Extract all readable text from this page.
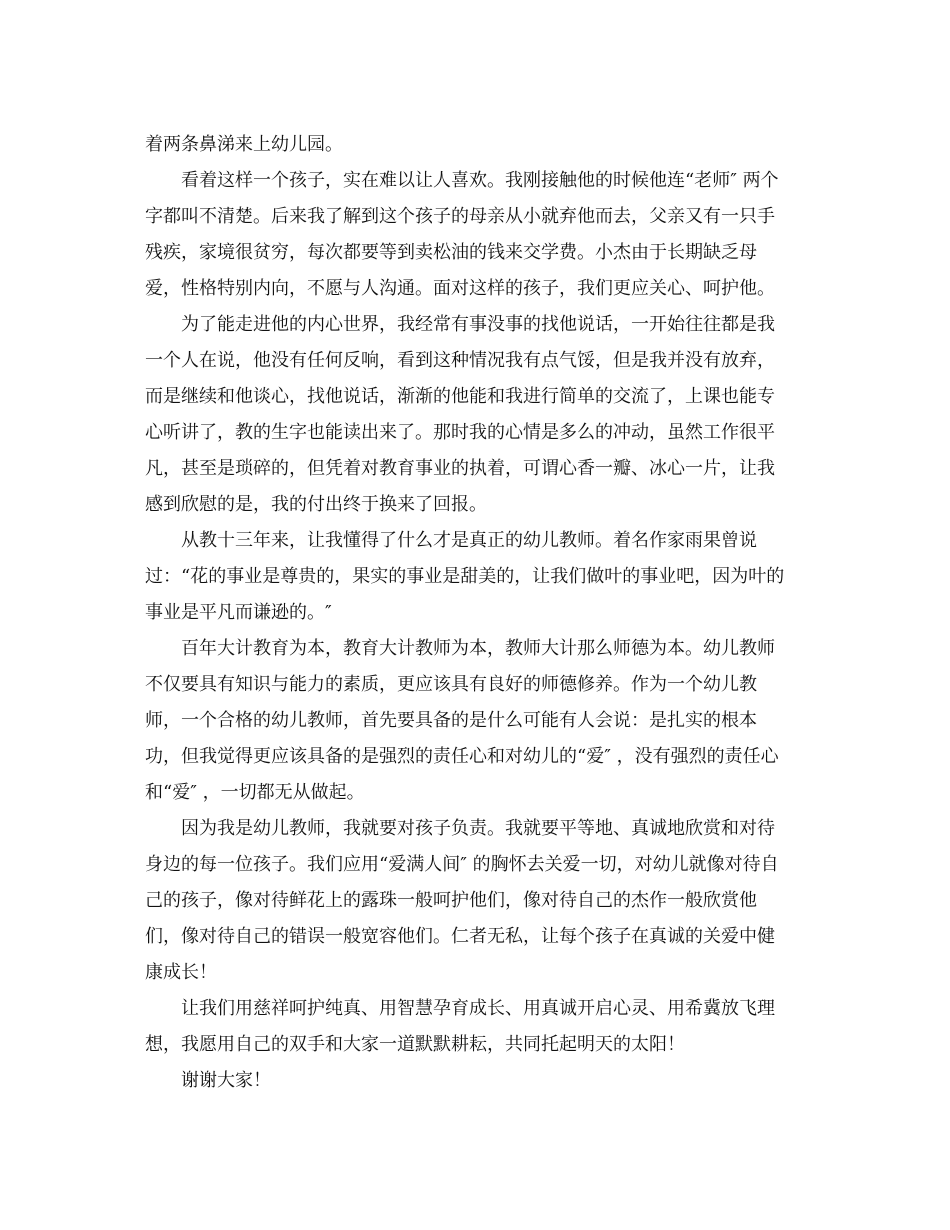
着两条鼻涕来上幼儿园。
看着这样一个孩子，实在难以让人喜欢。我刚接触他的时候他连“老师″ 两个
字都叫不清楚。后来我了解到这个孩子的母亲从小就弃他而去，父亲又有一只手
残疾，家境很贫穷，每次都要等到卖松油的钱来交学费。小杰由于长期缺乏母
爱，性格特别内向，不愿与人沟通。面对这样的孩子，我们更应关心、呵护他。
为了能走进他的内心世界，我经常有事没事的找他说话，一开始往往都是我
一个人在说，他没有任何反响，看到这种情况我有点气馁，但是我并没有放弃，
而是继续和他谈心，找他说话，渐渐的他能和我进行简单的交流了，上课也能专
心听讲了，教的生字也能读出来了。那时我的心情是多么的冲动，虽然工作很平
凡，甚至是琐碎的，但凭着对教育事业的执着，可谓心香一瓣、冰心一片，让我
感到欣慰的是，我的付出终于换来了回报。
从教十三年来，让我懂得了什么才是真正的幼儿教师。着名作家雨果曾说
过：“花的事业是尊贵的，果实的事业是甜美的，让我们做叶的事业吧，因为叶的
事业是平凡而谦逊的。″
百年大计教育为本，教育大计教师为本，教师大计那么师德为本。幼儿教师
不仅要具有知识与能力的素质，更应该具有良好的师德修养。作为一个幼儿教
师，一个合格的幼儿教师，首先要具备的是什么可能有人会说：是扎实的根本
功，但我觉得更应该具备的是强烈的责任心和对幼儿的“爱″ ，没有强烈的责任心
和“爱″ ，一切都无从做起。
因为我是幼儿教师，我就要对孩子负责。我就要平等地、真诚地欣赏和对待
身边的每一位孩子。我们应用“爱满人间″ 的胸怀去关爱一切，对幼儿就像对待自
己的孩子，像对待鲜花上的露珠一般呵护他们，像对待自己的杰作一般欣赏他
们，像对待自己的错误一般宽容他们。仁者无私，让每个孩子在真诚的关爱中健
康成长！
让我们用慈祥呵护纯真、用智慧孕育成长、用真诚开启心灵、用希冀放飞理
想，我愿用自己的双手和大家一道默默耕耘，共同托起明天的太阳！
谢谢大家！
